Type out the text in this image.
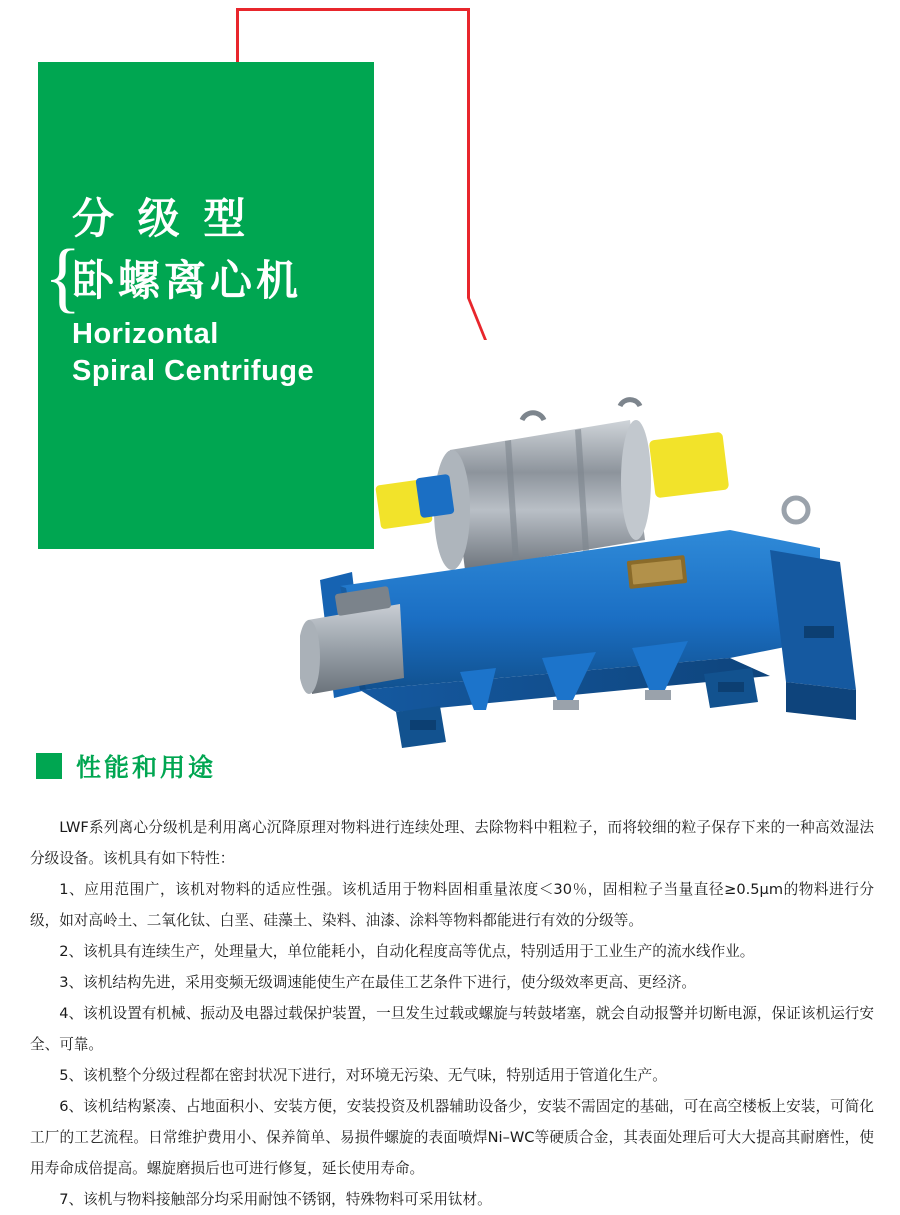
{
分 级 型
卧螺离心机
Horizontal
Spiral Centrifuge
性能和用途

LWF系列离心分级机是利用离心沉降原理对物料进行连续处理、去除物料中粗粒子，而将较细的粒子保存下来的一种高效湿法分级设备。该机具有如下特性：

1、应用范围广，该机对物料的适应性强。该机适用于物料固相重量浓度＜30％，固相粒子当量直径≥0.5μm的物料进行分级，如对高岭土、二氧化钛、白垩、硅藻土、染料、油漆、涂料等物料都能进行有效的分级等。

2、该机具有连续生产，处理量大，单位能耗小，自动化程度高等优点，特别适用于工业生产的流水线作业。

3、该机结构先进，采用变频无级调速能使生产在最佳工艺条件下进行，使分级效率更高、更经济。

4、该机设置有机械、振动及电器过载保护装置，一旦发生过载或螺旋与转鼓堵塞，就会自动报警并切断电源，保证该机运行安全、可靠。

5、该机整个分级过程都在密封状况下进行，对环境无污染、无气味，特别适用于管道化生产。

6、该机结构紧凑、占地面积小、安装方便，安装投资及机器辅助设备少，安装不需固定的基础，可在高空楼板上安装，可简化工厂的工艺流程。日常维护费用小、保养简单、易损件螺旋的表面喷焊Ni–WC等硬质合金，其表面处理后可大大提高其耐磨性，使用寿命成倍提高。螺旋磨损后也可进行修复，延长使用寿命。

7、该机与物料接触部分均采用耐蚀不锈钢，特殊物料可采用钛材。
